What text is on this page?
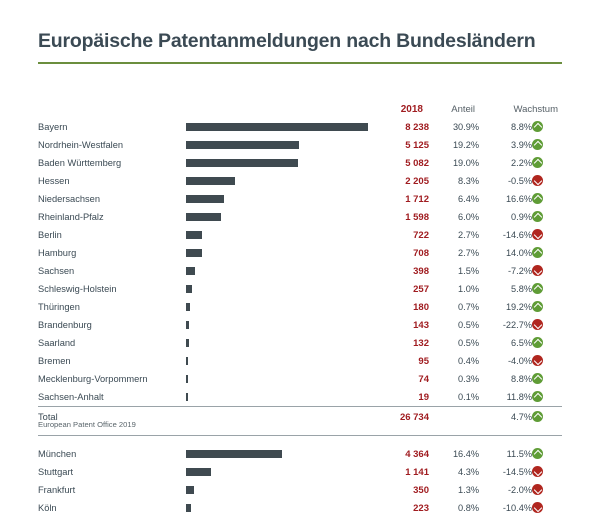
Europäische Patentanmeldungen nach Bundesländern
		2018	Anteil	Wachstum	
Bayern		8 238	30.9%	8.8%	
Nordrhein-Westfalen		5 125	19.2%	3.9%	
Baden Württemberg		5 082	19.0%	2.2%	
Hessen		2 205	8.3%	-0.5%	
Niedersachsen		1 712	6.4%	16.6%	
Rheinland-Pfalz		1 598	6.0%	0.9%	
Berlin		722	2.7%	-14.6%	
Hamburg		708	2.7%	14.0%	
Sachsen		398	1.5%	-7.2%	
Schleswig-Holstein		257	1.0%	5.8%	
Thüringen		180	0.7%	19.2%	
Brandenburg		143	0.5%	-22.7%	
Saarland		132	0.5%	6.5%	
Bremen		95	0.4%	-4.0%	
Mecklenburg-Vorpommern		74	0.3%	8.8%	
Sachsen-Anhalt		19	0.1%	11.8%	
Total		26 734		4.7%	

München		4 364	16.4%	11.5%	
Stuttgart		1 141	4.3%	-14.5%	
Frankfurt		350	1.3%	-2.0%	
Köln		223	0.8%	-10.4%	
European Patent Office 2019
